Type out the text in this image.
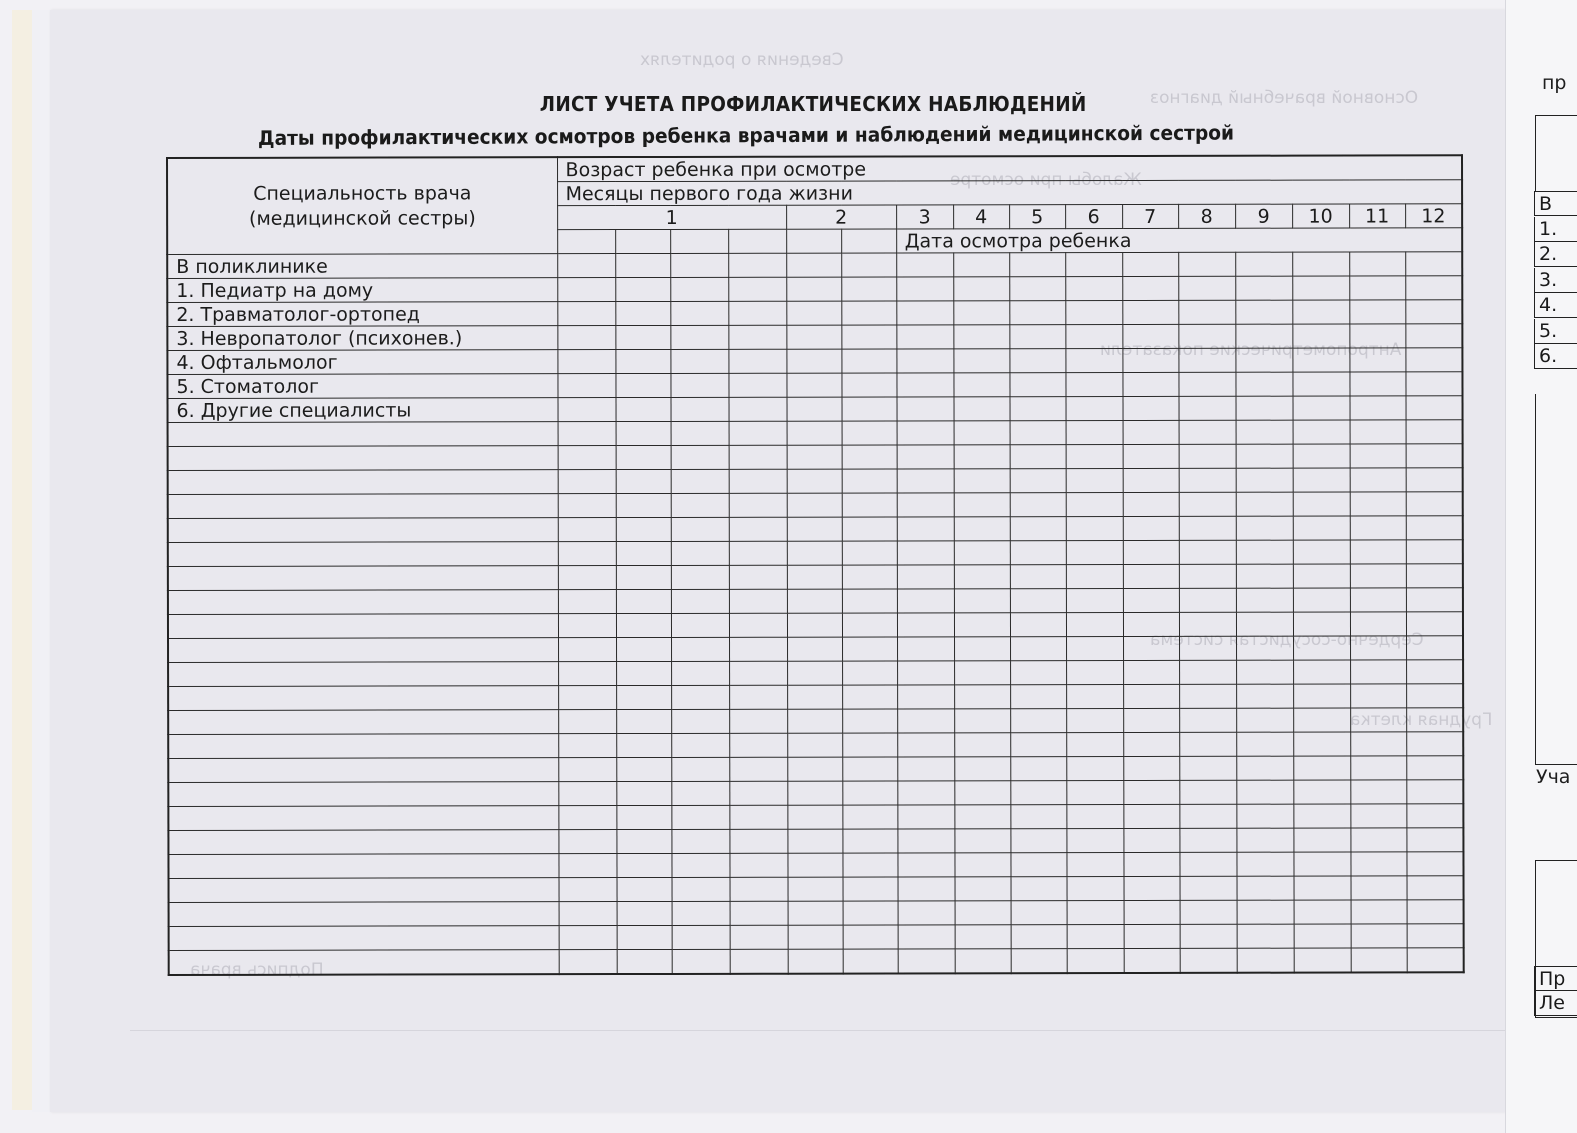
Сведения о родителях
Основной врачебный диагноз
Жалобы при осмотре
Антропометрические показатели
Сердечно-сосудистая система
Грудная клетка
Подпись врача
ЛИСТ УЧЕТА ПРОФИЛАКТИЧЕСКИХ НАБЛЮДЕНИЙ
Даты профилактических осмотров ребенка врачами и наблюдений медицинской сестрой
Специальность врача
(медицинской сестры)	Возраст ребенка при осмотре															
	Месяцы первого года жизни															
	1				2		3	4	5	6	7	8	9	10	11	12
							Дата осмотра ребенка									
В поликлинике																
1. Педиатр на дому																
2. Травматолог-ортопед																
3. Невропатолог (психонев.)																
4. Офтальмолог																
5. Стоматолог																
6. Другие специалисты																

пр
Уча
В
1.
2.
3.
4.
5.
6.
Пр
Ле
